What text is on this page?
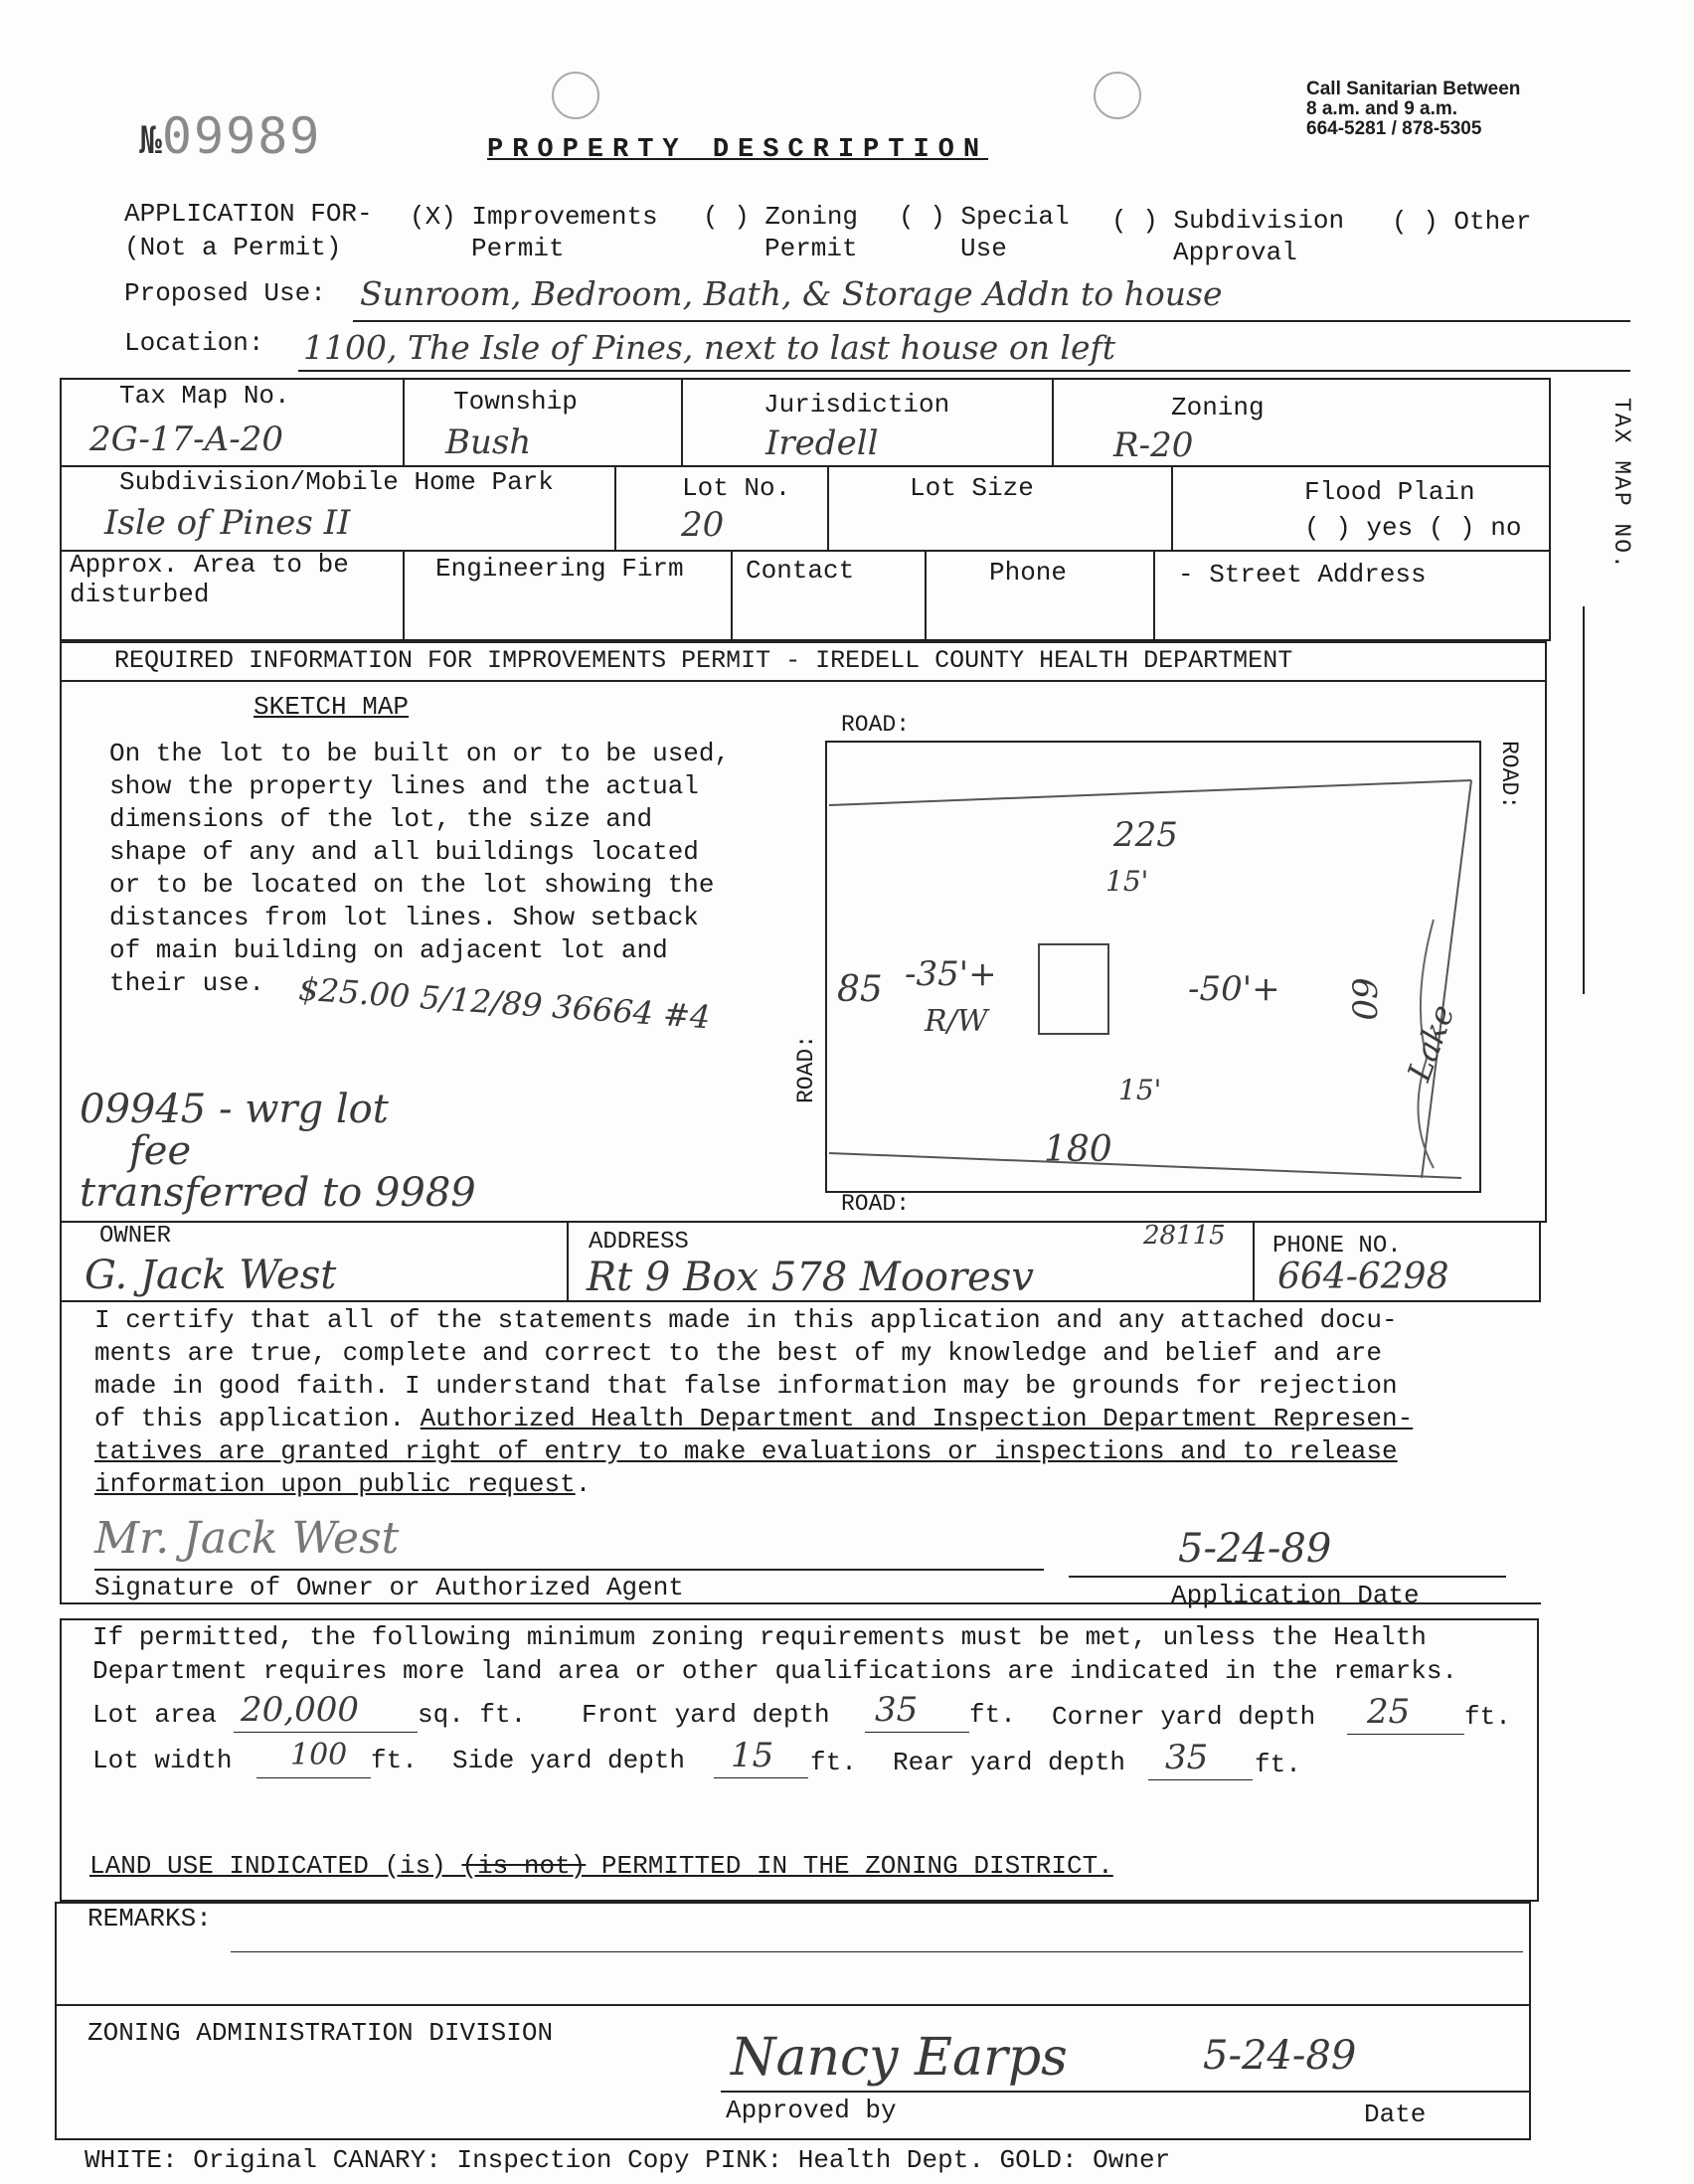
№09989	PROPERTY DESCRIPTION
Call Sanitarian Between
8 a.m. and 9 a.m.
664-5281 / 878-5305
APPLICATION FOR-
(Not a Permit)
(X) Improvements
Permit
( ) Zoning
Permit
( ) Special
Use
( ) Subdivision
Approval
( ) Other
Proposed Use: Sunroom, Bedroom, Bath, & Storage Addn to house
Location: 1100, The Isle of Pines, next to last house on left
TAX MAP NO.
Tax Map No.
2G-17-A-20
Township
Bush
Jurisdiction
Iredell
Zoning
R-20
Subdivision/Mobile Home Park
Isle of Pines II
Lot No.
20
Lot Size	Flood Plain
( ) yes ( ) no
Approx. Area to be
disturbed
Engineering Firm Contact	Phone	- Street Address
REQUIRED INFORMATION FOR IMPROVEMENTS PERMIT - IREDELL COUNTY HEALTH DEPARTMENT
SKETCH MAP
On the lot to be built on or to be used,
show the property lines and the actual
dimensions of the lot, the size and
shape of any and all buildings located
or to be located on the lot showing the
distances from lot lines. Show setback
of main building on adjacent lot and
their use.	$25.00 5/12/89 36664 #4
09945 - wrg lot
fee
transferred to 9989
ROAD:
ROAD:
ROAD:
ROAD:
225
15'
85 -35'+
R/W
-50'+ 60
15'
180
Lake
OWNER
G. Jack West
ADDRESS	28115
Rt 9 Box 578 Mooresv
PHONE NO.
664-6298
I certify that all of the statements made in this application and any attached docu-
ments are true, complete and correct to the best of my knowledge and belief and are
made in good faith. I understand that false information may be grounds for rejection
of this application. Authorized Health Department and Inspection Department Represen-
tatives are granted right of entry to make evaluations or inspections and to release
information upon public request.
Mr. Jack West
Signature of Owner or Authorized Agent
5-24-89
Application Date
If permitted, the following minimum zoning requirements must be met, unless the Health
Department requires more land area or other qualifications are indicated in the remarks.
Lot area 20,000 sq. ft. Front yard depth 35 ft. Corner yard depth 25 ft.
Lot width 100 ft. Side yard depth 15 ft. Rear yard depth 35 ft.
LAND USE INDICATED (is) (is not) PERMITTED IN THE ZONING DISTRICT.
REMARKS:
ZONING ADMINISTRATION DIVISION	Nancy Earps	5-24-89
Approved by	Date
WHITE: Original CANARY: Inspection Copy PINK: Health Dept. GOLD: Owner
